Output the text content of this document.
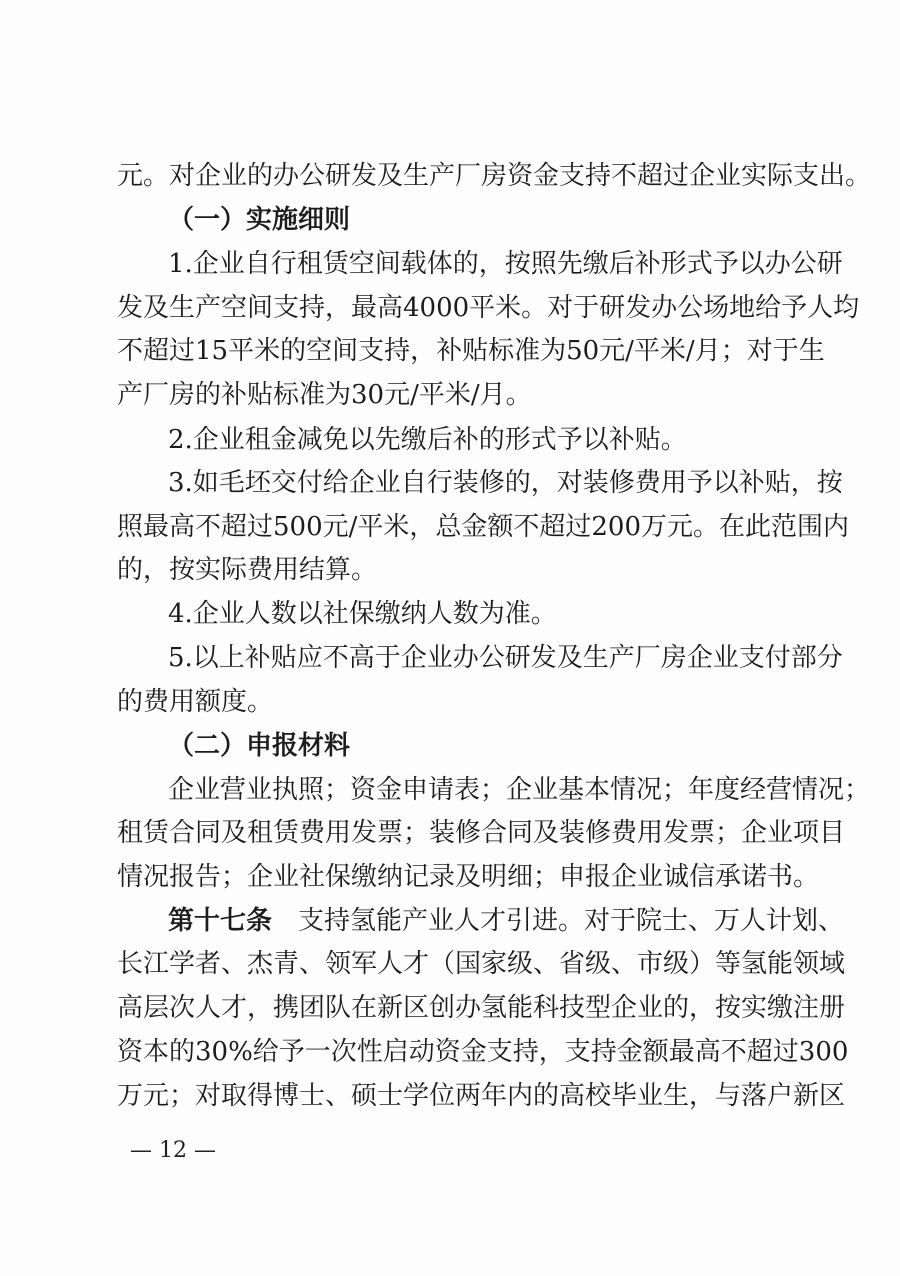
元。对企业的办公研发及生产厂房资金支持不超过企业实际支出。
（一）实施细则
1.企业自行租赁空间载体的，按照先缴后补形式予以办公研
发及生产空间支持，最高4000平米。对于研发办公场地给予人均
不超过15平米的空间支持，补贴标准为50元/平米/月；对于生
产厂房的补贴标准为30元/平米/月。
2.企业租金减免以先缴后补的形式予以补贴。
3.如毛坯交付给企业自行装修的，对装修费用予以补贴，按
照最高不超过500元/平米，总金额不超过200万元。在此范围内
的，按实际费用结算。
4.企业人数以社保缴纳人数为准。
5.以上补贴应不高于企业办公研发及生产厂房企业支付部分
的费用额度。
（二）申报材料
企业营业执照；资金申请表；企业基本情况；年度经营情况；
租赁合同及租赁费用发票；装修合同及装修费用发票；企业项目
情况报告；企业社保缴纳记录及明细；申报企业诚信承诺书。
第十七条 支持氢能产业人才引进。对于院士、万人计划、
长江学者、杰青、领军人才（国家级、省级、市级）等氢能领域
高层次人才，携团队在新区创办氢能科技型企业的，按实缴注册
资本的30%给予一次性启动资金支持，支持金额最高不超过300
万元；对取得博士、硕士学位两年内的高校毕业生，与落户新区
— 12 —
